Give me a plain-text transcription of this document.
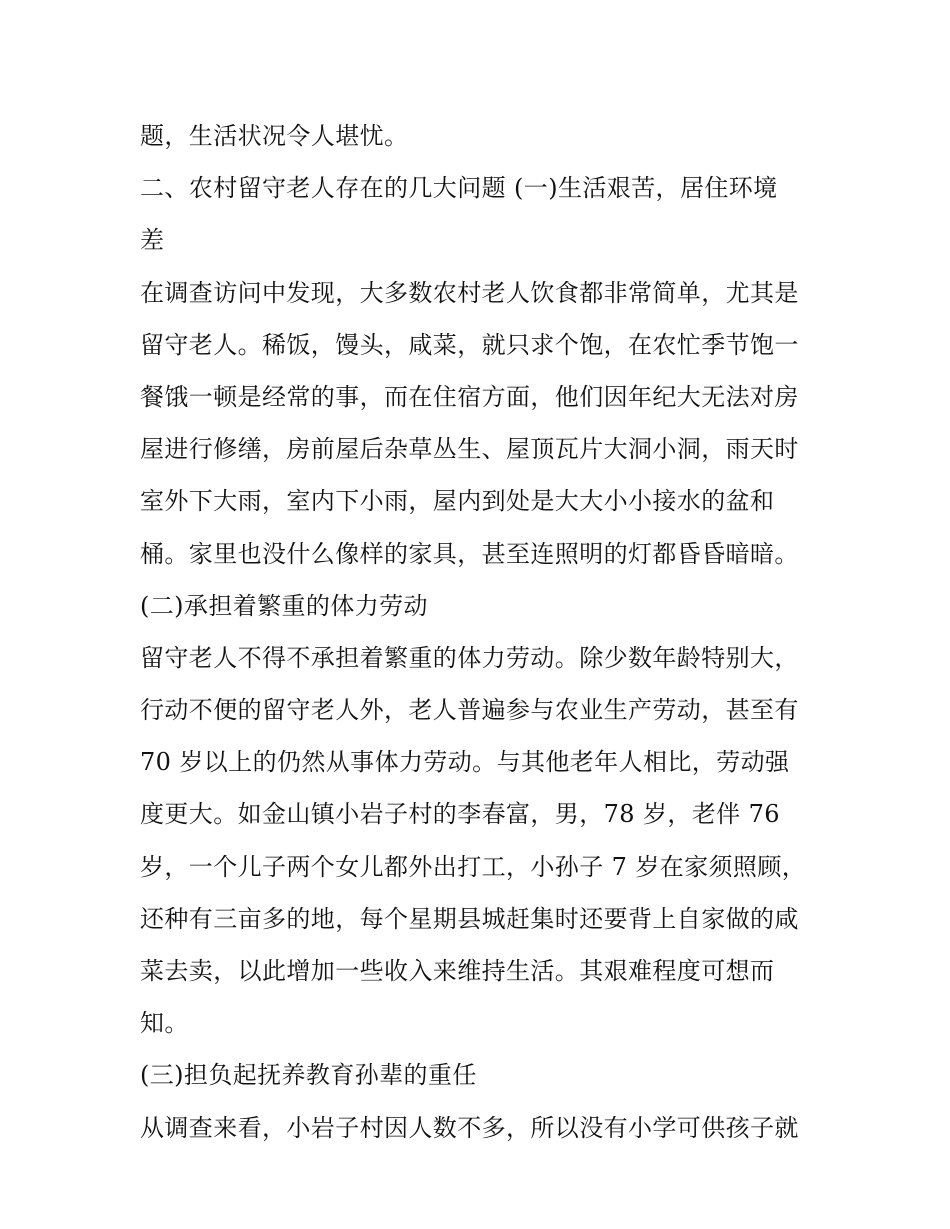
题，生活状况令人堪忧。
二、农村留守老人存在的几大问题 (一)生活艰苦，居住环境
差
在调查访问中发现，大多数农村老人饮食都非常简单，尤其是
留守老人。稀饭，馒头，咸菜，就只求个饱，在农忙季节饱一
餐饿一顿是经常的事，而在住宿方面，他们因年纪大无法对房
屋进行修缮，房前屋后杂草丛生、屋顶瓦片大洞小洞，雨天时
室外下大雨，室内下小雨，屋内到处是大大小小接水的盆和
桶。家里也没什么像样的家具，甚至连照明的灯都昏昏暗暗。
(二)承担着繁重的体力劳动
留守老人不得不承担着繁重的体力劳动。除少数年龄特别大，
行动不便的留守老人外，老人普遍参与农业生产劳动，甚至有
70 岁以上的仍然从事体力劳动。与其他老年人相比，劳动强
度更大。如金山镇小岩子村的李春富，男，78 岁，老伴 76
岁，一个儿子两个女儿都外出打工，小孙子 7 岁在家须照顾，
还种有三亩多的地，每个星期县城赶集时还要背上自家做的咸
菜去卖，以此增加一些收入来维持生活。其艰难程度可想而
知。
(三)担负起抚养教育孙辈的重任
从调查来看，小岩子村因人数不多，所以没有小学可供孩子就
